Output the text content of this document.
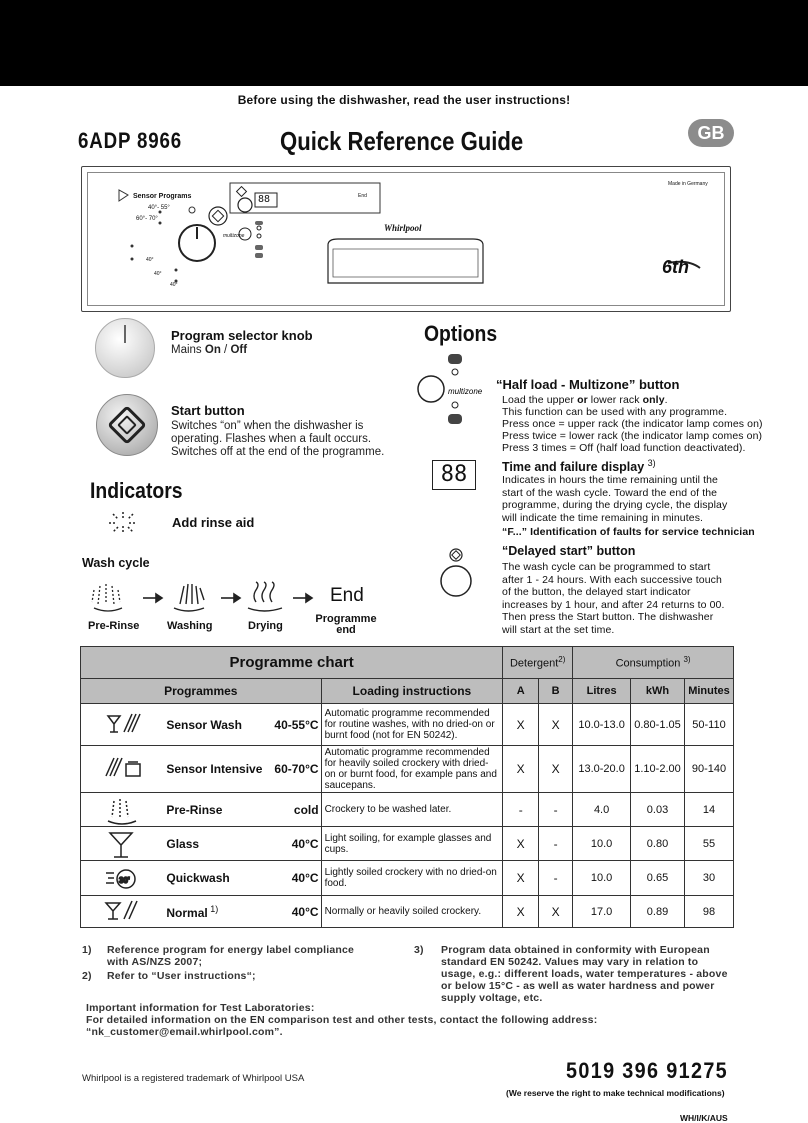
Before using the dishwasher, read the user instructions!
6ADP 8966	Quick Reference Guide	GB
Sensor Programs
40°- 55°
60°- 70°
40°
40°
40°
88	End
multizone
Made in Germany
Whirlpool
6th
Program selector knob
Mains On / Off
Start button
Switches “on” when the dishwasher is operating. Flashes when a fault occurs. Switches off at the end of the programme.
Indicators
Add rinse aid
Wash cycle
End
Pre-Rinse	Washing	Drying
Programme end
Options
multizone “Half load - Multizone” button
Load the upper or lower rack only.
This function can be used with any programme.
Press once = upper rack (the indicator lamp comes on)
Press twice = lower rack (the indicator lamp comes on)
Press 3 times = Off (half load function deactivated).
88	Time and failure display $^{3)}$
Indicates in hours the time remaining until the start of the wash cycle. Toward the end of the programme, during the drying cycle, the display will indicate the time remaining in minutes.
“F...” Identification of faults for service technician
“Delayed start” button
The wash cycle can be programmed to start after 1 - 24 hours. With each successive touch of the button, the delayed start indicator increases by 1 hour, and after 24 returns to 00. Then press the Start button. The dishwasher will start at the set time.
Programme chart			Detergent$^{2)}$		Consumption $^{3)}$
Programmes		Loading instructions	A	B	Litres	kWh	Minutes

	Sensor Wash 40-55°C	Automatic programme recommended for routine washes, with no dried-on or burnt food (not for EN 50242).	X	X	10.0-13.0	0.80-1.05	50-110

	Sensor Intensive 60-70°C	Automatic programme recommended for heavily soiled crockery with dried-on or burnt food, for example pans and saucepans.	X	X	13.0-20.0	1.10-2.00	90-140

	Pre-Rinse cold	Crockery to be washed later.	-	-	4.0	0.03	14

	Glass 40°C	Light soiling, for example glasses and cups.	X	-	10.0	0.80	55

30'	Quickwash 40°C	Lightly soiled crockery with no dried-on food.	X	-	10.0	0.65	30

	Normal $^{1)}$ 40°C	Normally or heavily soiled crockery.	X	X	17.0	0.89	98
1) Reference program for energy label compliance with AS/NZS 2007;
2) Refer to “User instructions“;
3) Program data obtained in conformity with European standard EN 50242. Values may vary in relation to usage, e.g.: different loads, water temperatures - above or below 15°C - as well as water hardness and power supply voltage, etc.
Important information for Test Laboratories:
For detailed information on the EN comparison test and other tests, contact the following address:
“nk_customer@email.whirlpool.com”.
Whirlpool is a registered trademark of Whirlpool USA	5019 396 91275
(We reserve the right to make technical modifications)
WH/I/K/AUS
